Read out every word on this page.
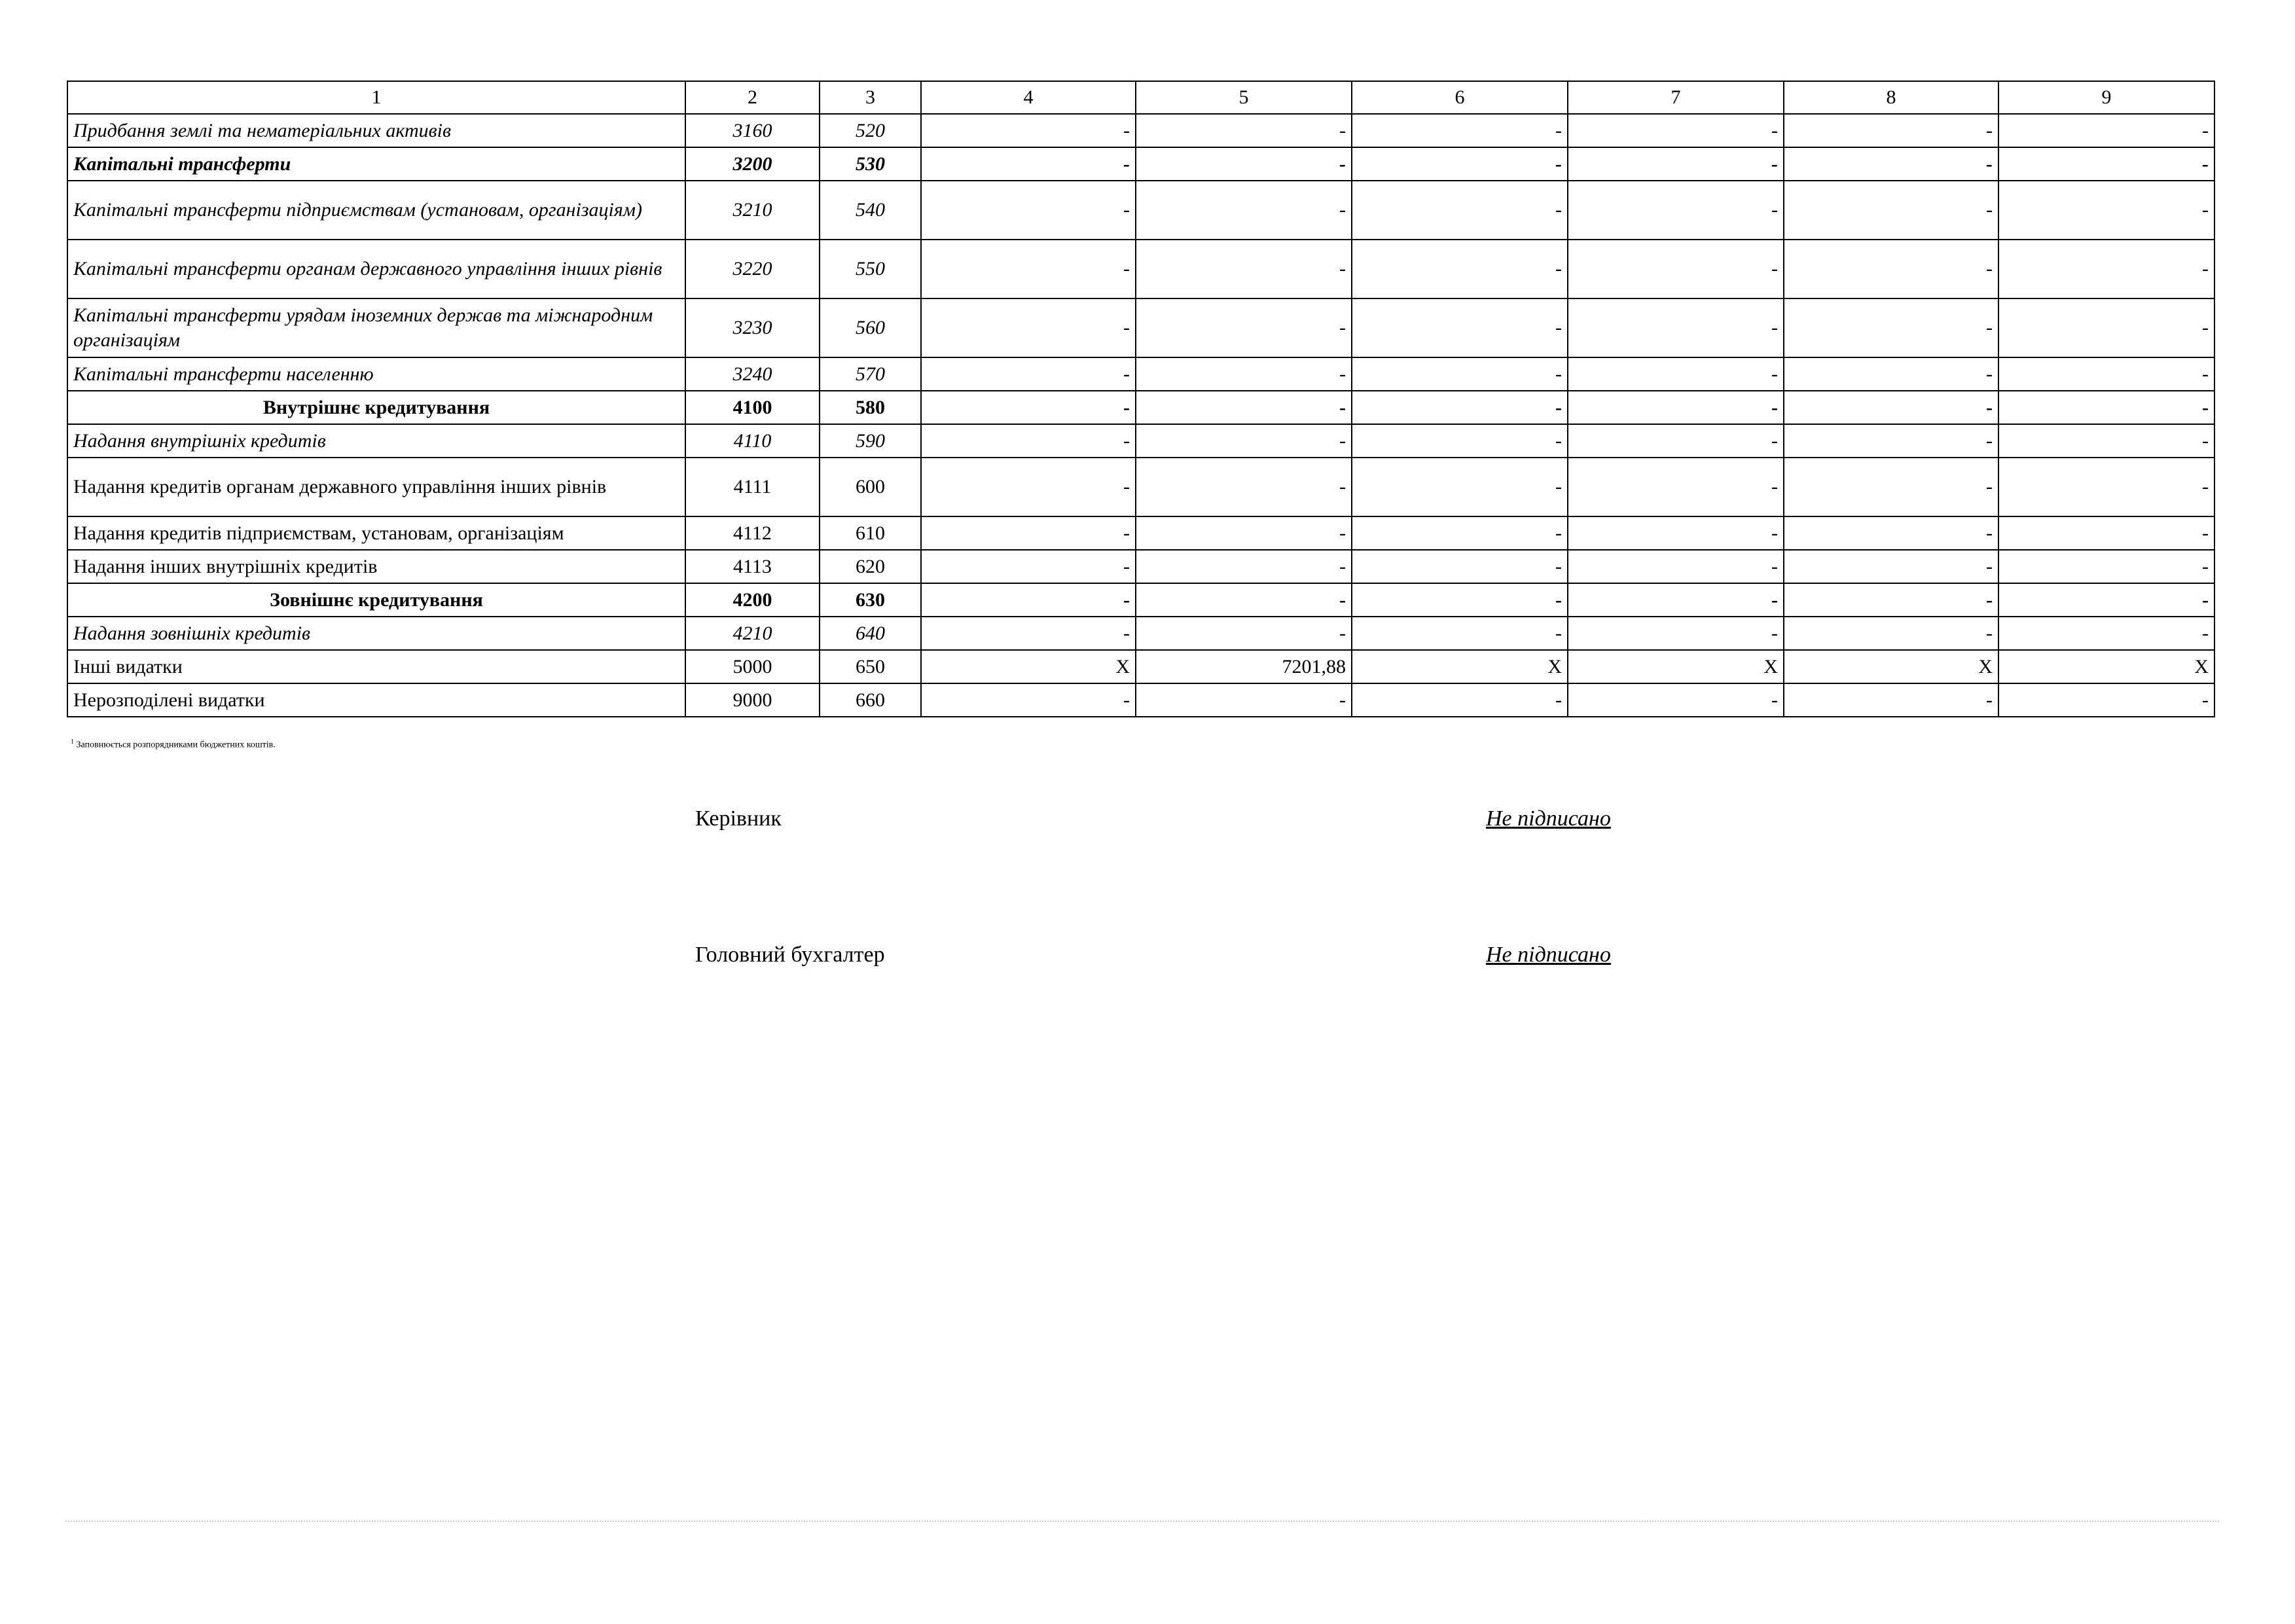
1	2	3	4	5	6	7	8	9
Придбання землі та нематеріальних активів	3160	520	-	-	-	-	-	-
Капітальні трансферти	3200	530	-	-	-	-	-	-
Капітальні трансферти підприємствам (установам, організаціям)	3210	540	-	-	-	-	-	-
Капітальні трансферти органам державного управління інших рівнів	3220	550	-	-	-	-	-	-
Капітальні трансферти урядам іноземних держав та міжнародним організаціям	3230	560	-	-	-	-	-	-
Капітальні трансферти населенню	3240	570	-	-	-	-	-	-
Внутрішнє кредитування	4100	580	-	-	-	-	-	-
Надання внутрішніх кредитів	4110	590	-	-	-	-	-	-
Надання кредитів органам державного управління інших рівнів	4111	600	-	-	-	-	-	-
Надання кредитів підприємствам, установам, організаціям	4112	610	-	-	-	-	-	-
Надання інших внутрішніх кредитів	4113	620	-	-	-	-	-	-
Зовнішнє кредитування	4200	630	-	-	-	-	-	-
Надання зовнішніх кредитів	4210	640	-	-	-	-	-	-
Інші видатки	5000	650	X	7201,88	X	X	X	X
Нерозподілені видатки	9000	660	-	-	-	-	-	-
$^1$ Заповнюється розпорядниками бюджетних коштів.
Керівник	Не підписано
Головний бухгалтер	Не підписано
